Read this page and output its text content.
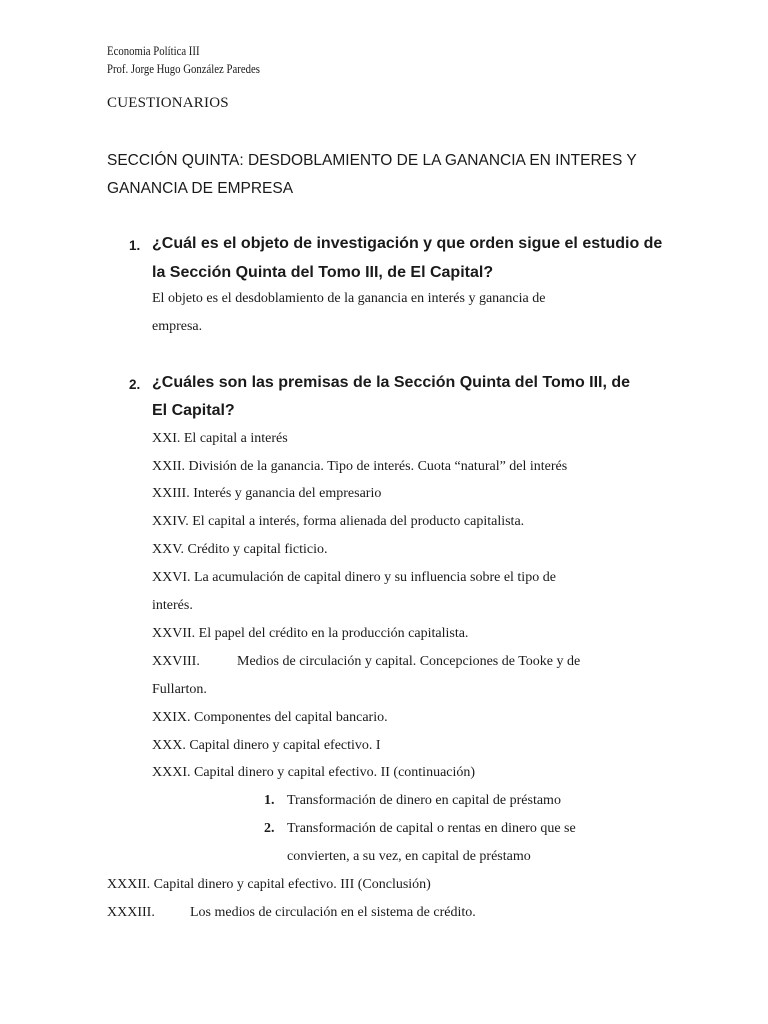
Economia Política III
Prof. Jorge Hugo González Paredes
CUESTIONARIOS
SECCIÓN QUINTA: DESDOBLAMIENTO DE LA GANANCIA EN INTERES Y
GANANCIA DE EMPRESA
1. ¿Cuál es el objeto de investigación y que orden sigue el estudio de
la Sección Quinta del Tomo III, de El Capital?
El objeto es el desdoblamiento de la ganancia en interés y ganancia de
empresa.
2. ¿Cuáles son las premisas de la Sección Quinta del Tomo III, de
El Capital?
XXI. El capital a interés
XXII. División de la ganancia. Tipo de interés. Cuota “natural” del interés
XXIII. Interés y ganancia del empresario
XXIV. El capital a interés, forma alienada del producto capitalista.
XXV. Crédito y capital ficticio.
XXVI. La acumulación de capital dinero y su influencia sobre el tipo de
interés.
XXVII. El papel del crédito en la producción capitalista.
XXVIII.	Medios de circulación y capital. Concepciones de Tooke y de
Fullarton.
XXIX. Componentes del capital bancario.
XXX. Capital dinero y capital efectivo. I
XXXI. Capital dinero y capital efectivo. II (continuación)
1. Transformación de dinero en capital de préstamo
2. Transformación de capital o rentas en dinero que se
convierten, a su vez, en capital de préstamo
XXXII. Capital dinero y capital efectivo. III (Conclusión)
XXXIII.	Los medios de circulación en el sistema de crédito.
